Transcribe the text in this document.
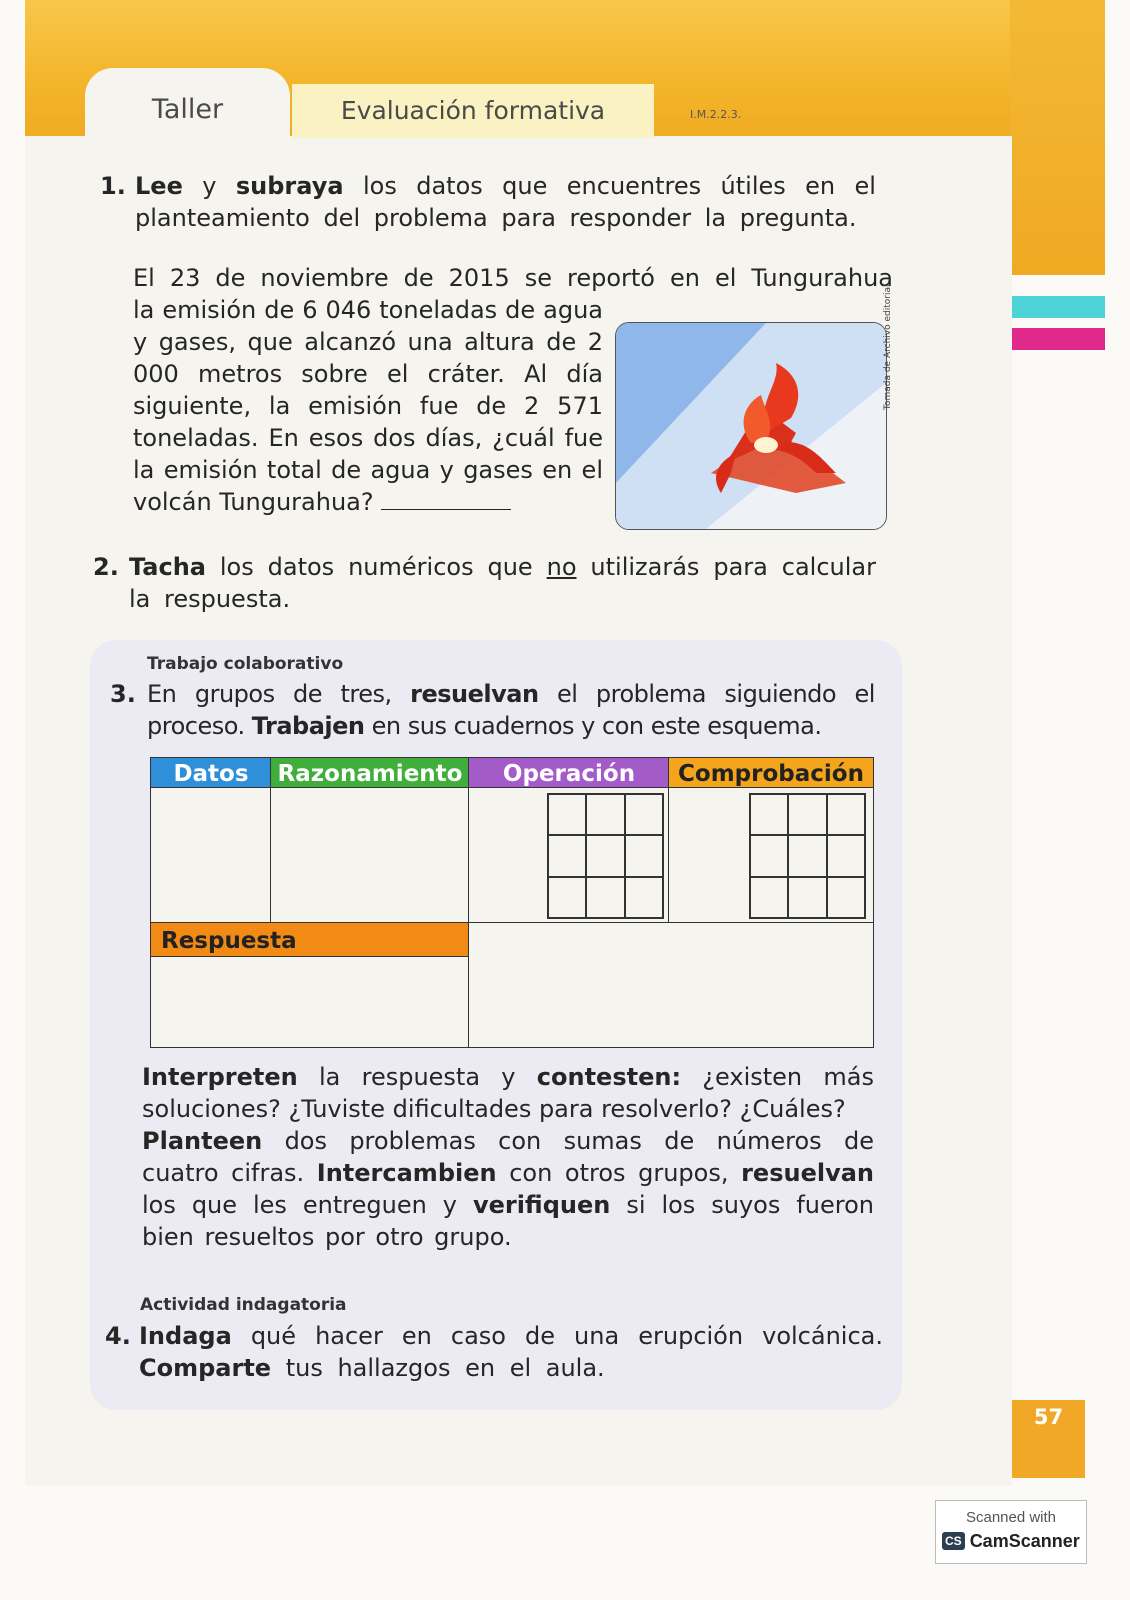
Taller	Evaluación formativa	I.M.2.2.3.
1. Lee y subraya los datos que encuentres útiles en el planteamiento del problema para responder la pregunta.
El 23 de noviembre de 2015 se reportó en el Tungurahua
la emisión de 6 046 toneladas de agua y gases, que alcanzó una altura de 2 000 metros sobre el cráter. Al día siguiente, la emisión fue de 2 571 toneladas. En esos dos días, ¿cuál fue la emisión total de agua y gases en el volcán Tungurahua?
Tomada de Archivo editorial
2. Tacha los datos numéricos que no utilizarás para calcular la respuesta.
Trabajo colaborativo
3. En grupos de tres, resuelvan el problema siguiendo el proceso. Trabajen en sus cuadernos y con este esquema.
Datos	Razonamiento	Operación	Comprobación
Respuesta
Interpreten la respuesta y contesten: ¿existen más soluciones? ¿Tuviste dificultades para resolverlo? ¿Cuáles?
Planteen dos problemas con sumas de números de cuatro cifras. Intercambien con otros grupos, resuelvan los que les entreguen y verifiquen si los suyos fueron bien resueltos por otro grupo.
Actividad indagatoria
4. Indaga qué hacer en caso de una erupción volcánica. Comparte tus hallazgos en el aula.
57
Scanned with
CS CamScanner
